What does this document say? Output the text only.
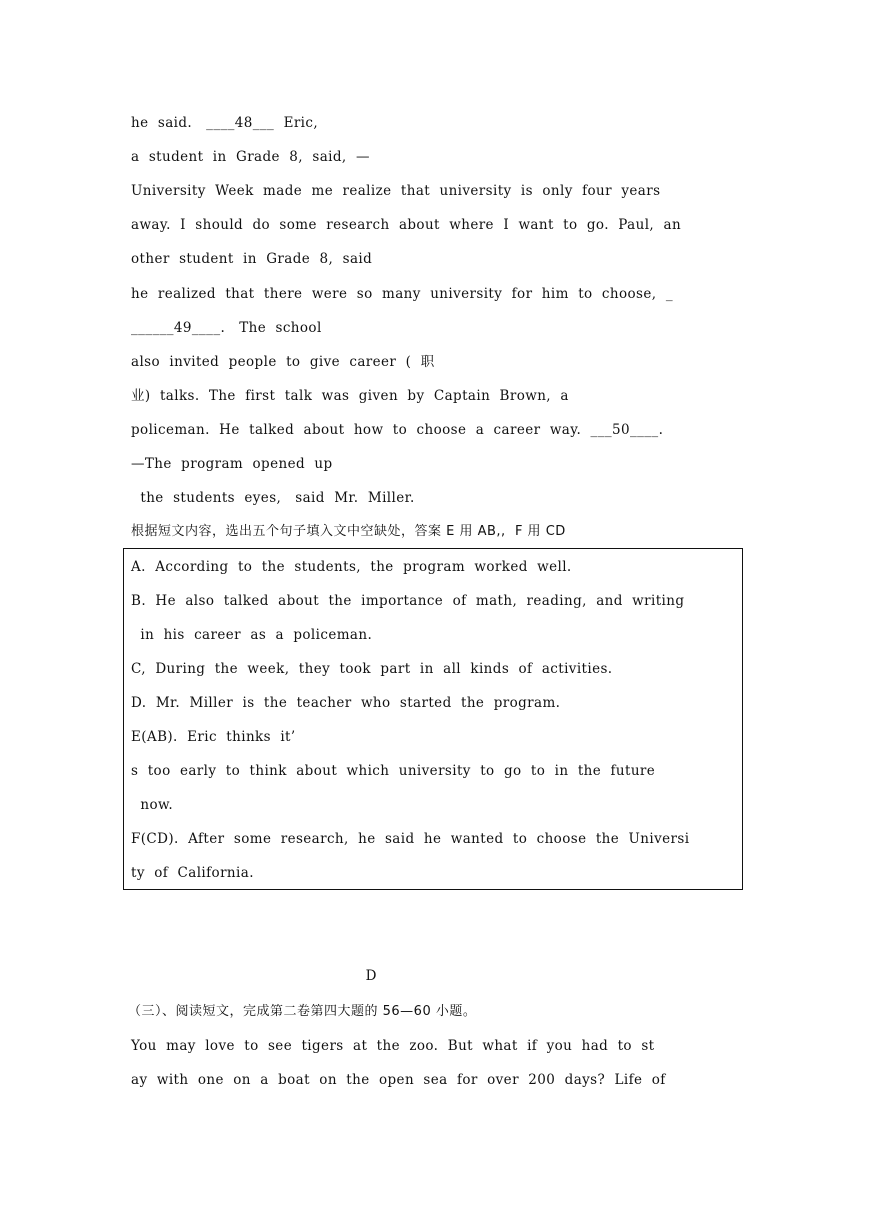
he  said.   ____48___  Eric,
a  student  in  Grade  8,  said,  —
University  Week  made  me  realize  that  university  is  only  four  years
away.  I  should  do  some  research  about  where  I  want  to  go.  Paul,  an
other  student  in  Grade  8,  said
he  realized  that  there  were  so  many  university  for  him  to  choose,  _
______49____.   The  school
also  invited  people  to  give  career  (  职
业)  talks.  The  first  talk  was  given  by  Captain  Brown,  a
policeman.  He  talked  about  how  to  choose  a  career  way.  ___50____.
—The  program  opened  up
the  students  eyes,   said  Mr.  Miller.
根据短文内容，选出五个句子填入文中空缺处，答案 E 用 AB,,  F 用 CD
A.  According  to  the  students,  the  program  worked  well.
B.  He  also  talked  about  the  importance  of  math,  reading,  and  writing
in  his  career  as  a  policeman.
C,  During  the  week,  they  took  part  in  all  kinds  of  activities.
D.  Mr.  Miller  is  the  teacher  who  started  the  program.
E(AB).  Eric  thinks  it’
s  too  early  to  think  about  which  university  to  go  to  in  the  future
now.
F(CD).  After  some  research,  he  said  he  wanted  to  choose  the  Universi
ty  of  California.
D
（三）、阅读短文，完成第二卷第四大题的 56—60 小题。
You  may  love  to  see  tigers  at  the  zoo.  But  what  if  you  had  to  st
ay  with  one  on  a  boat  on  the  open  sea  for  over  200  days?  Life  of
